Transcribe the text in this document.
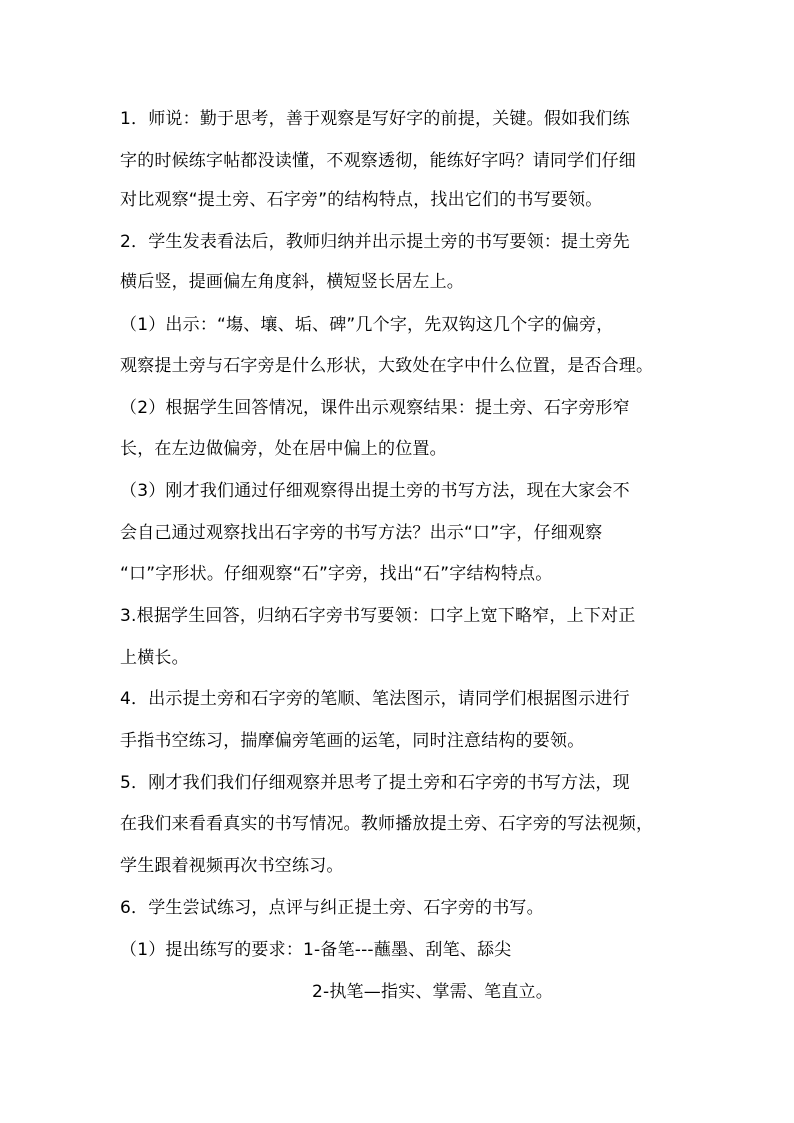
1．师说：勤于思考，善于观察是写好字的前提，关键。假如我们练
字的时候练字帖都没读懂，不观察透彻，能练好字吗？请同学们仔细
对比观察“提土旁、石字旁”的结构特点，找出它们的书写要领。
2．学生发表看法后，教师归纳并出示提土旁的书写要领：提土旁先
横后竖，提画偏左角度斜，横短竖长居左上。
（1）出示：“塲、壤、垢、碑”几个字，先双钩这几个字的偏旁，
观察提土旁与石字旁是什么形状，大致处在字中什么位置，是否合理。
（2）根据学生回答情况，课件出示观察结果：提土旁、石字旁形窄
长，在左边做偏旁，处在居中偏上的位置。
（3）刚才我们通过仔细观察得出提土旁的书写方法，现在大家会不
会自己通过观察找出石字旁的书写方法？出示“口”字，仔细观察
“口”字形状。仔细观察“石”字旁，找出“石”字结构特点。
3.根据学生回答，归纳石字旁书写要领：口字上宽下略窄，上下对正
上横长。
4．出示提土旁和石字旁的笔顺、笔法图示，请同学们根据图示进行
手指书空练习，揣摩偏旁笔画的运笔，同时注意结构的要领。
5．刚才我们我们仔细观察并思考了提土旁和石字旁的书写方法，现
在我们来看看真实的书写情况。教师播放提土旁、石字旁的写法视频，
学生跟着视频再次书空练习。
6．学生尝试练习，点评与纠正提土旁、石字旁的书写。
（1）提出练写的要求：1-备笔---蘸墨、刮笔、舔尖
2-执笔—指实、掌需、笔直立。
